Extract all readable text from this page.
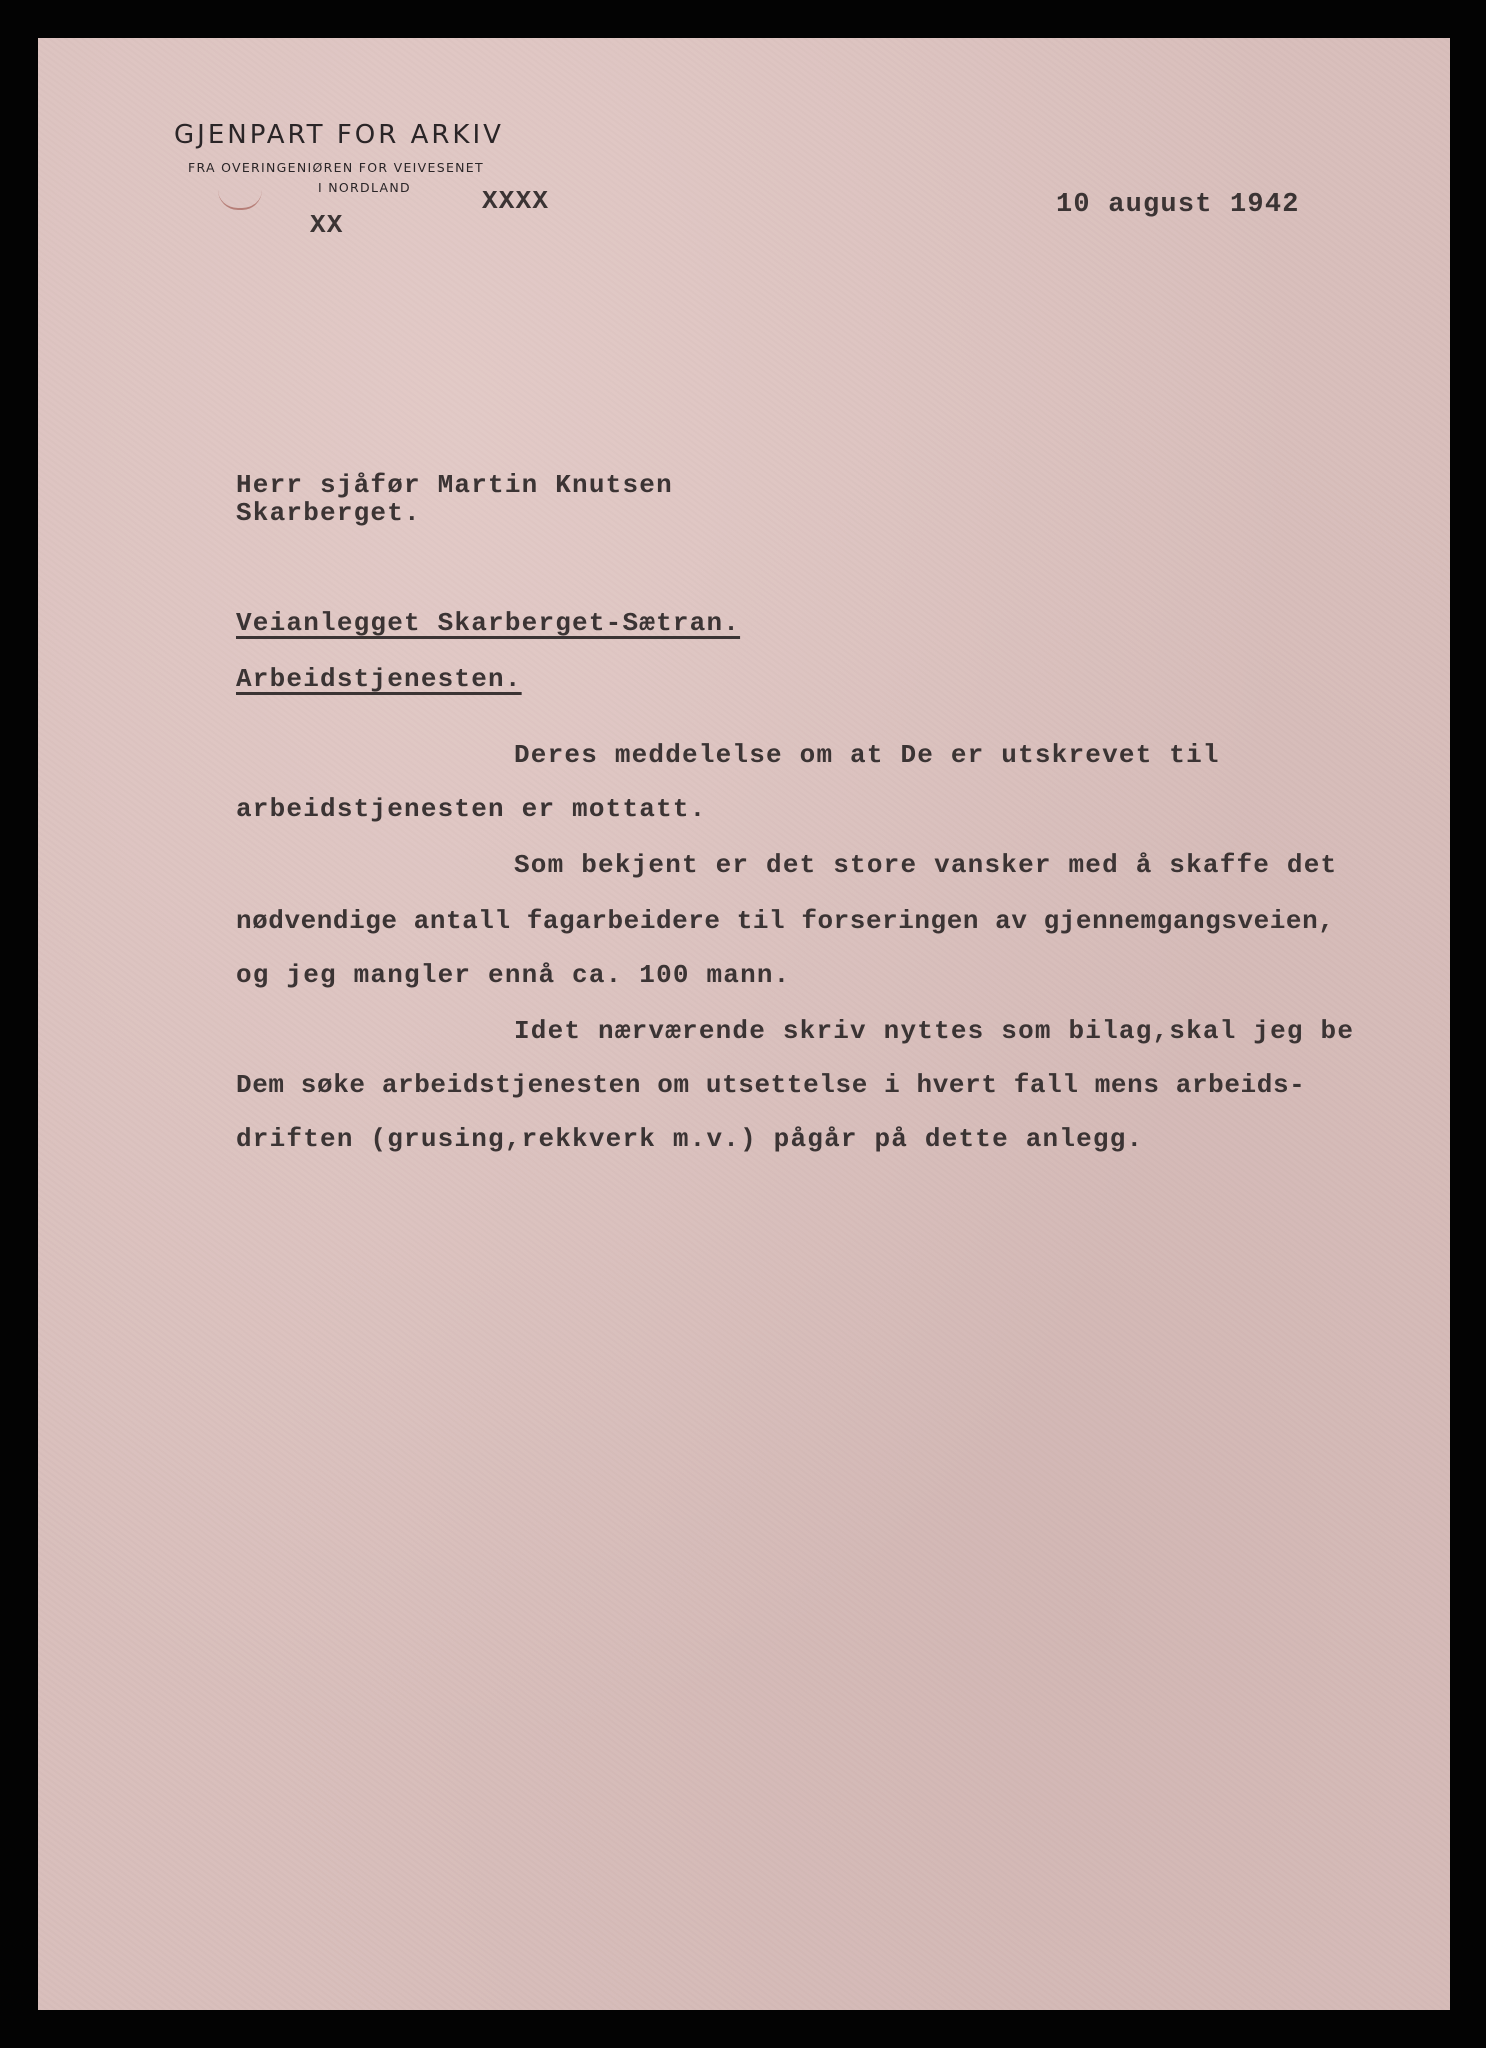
GJENPART FOR ARKIV
FRA OVERINGENIØREN FOR VEIVESENET
I NORDLAND	XXXX
XX
10 august 1942
Herr sjåfør Martin Knutsen
Skarberget.
Veianlegget Skarberget-Sætran.
Arbeidstjenesten.
Deres meddelelse om at De er utskrevet til
arbeidstjenesten er mottatt.
Som bekjent er det store vansker med å skaffe det
nødvendige antall fagarbeidere til forseringen av gjennemgangsveien,
og jeg mangler ennå ca. 100 mann.
Idet nærværende skriv nyttes som bilag,skal jeg be
Dem søke arbeidstjenesten om utsettelse i hvert fall mens arbeids-
driften (grusing,rekkverk m.v.) pågår på dette anlegg.
